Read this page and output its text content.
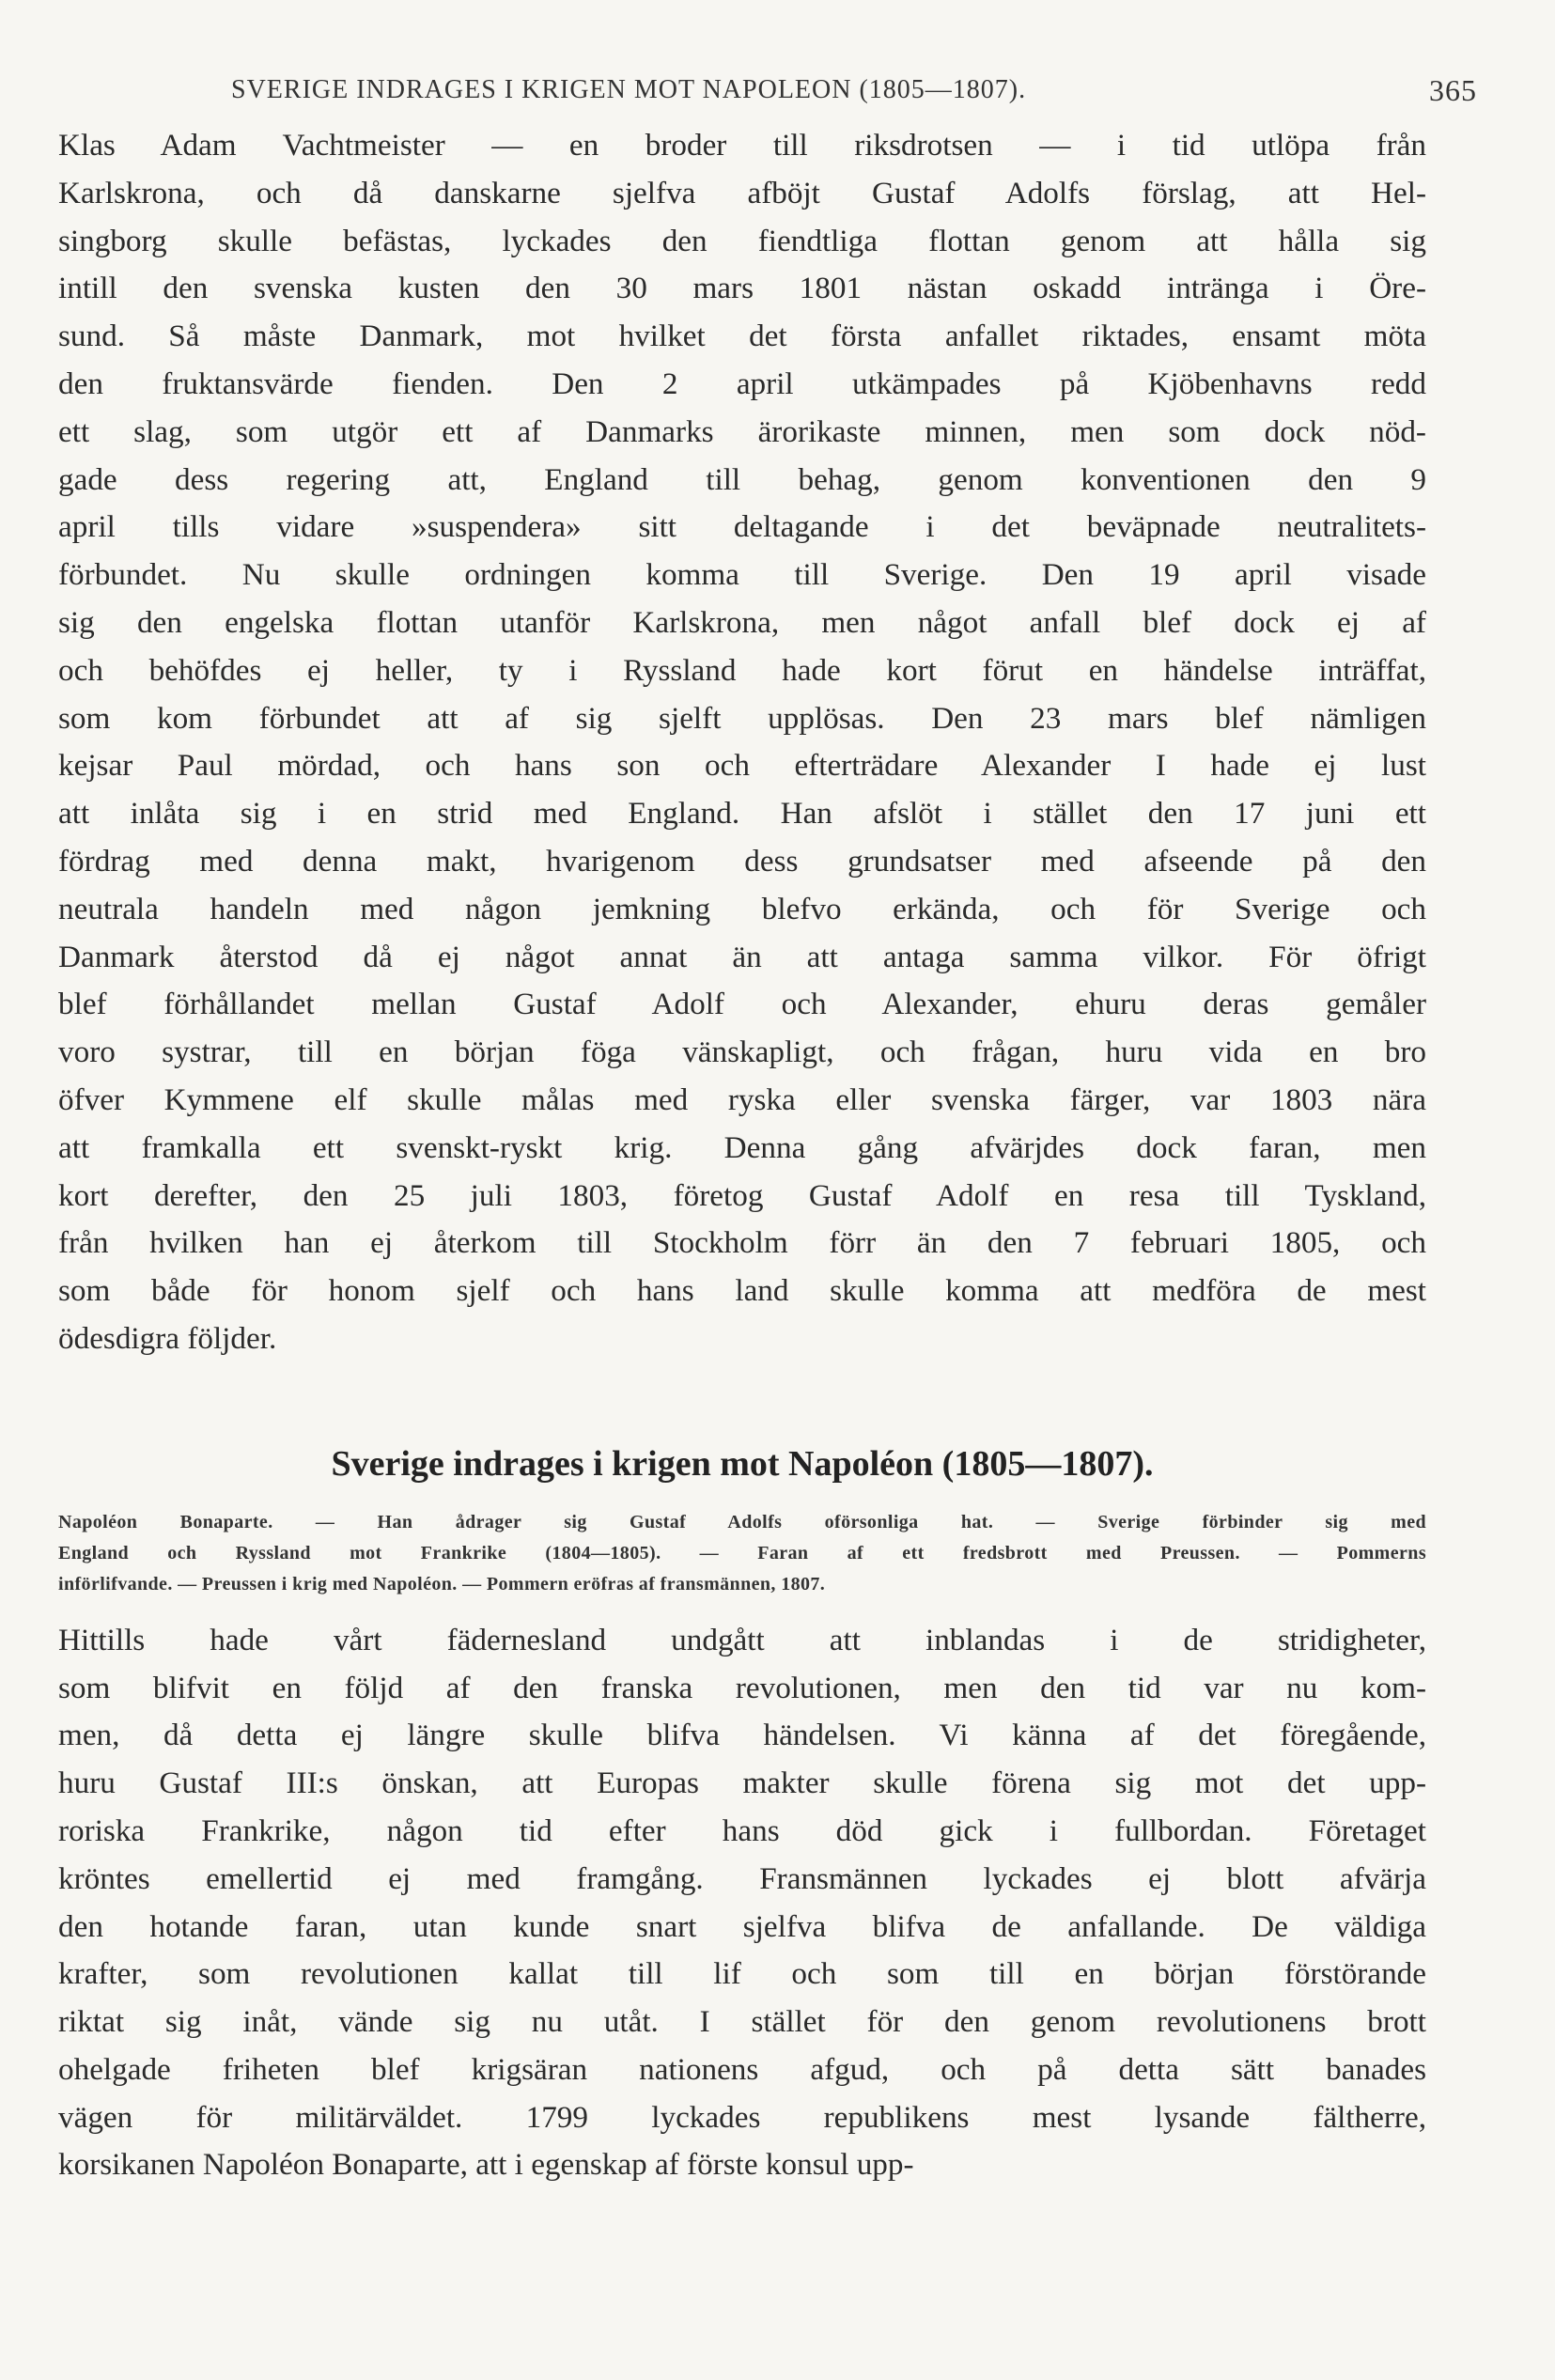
SVERIGE INDRAGES I KRIGEN MOT NAPOLEON (1805—1807).	365
Klas Adam Vachtmeister — en broder till riksdrotsen — i tid utlöpa från
Karlskrona, och då danskarne sjelfva afböjt Gustaf Adolfs förslag, att Hel-
singborg skulle befästas, lyckades den fiendtliga flottan genom att hålla sig
intill den svenska kusten den 30 mars 1801 nästan oskadd intränga i Öre-
sund. Så måste Danmark, mot hvilket det första anfallet riktades, ensamt möta
den fruktansvärde fienden. Den 2 april utkämpades på Kjöbenhavns redd
ett slag, som utgör ett af Danmarks ärorikaste minnen, men som dock nöd-
gade dess regering att, England till behag, genom konventionen den 9
april tills vidare »suspendera» sitt deltagande i det beväpnade neutralitets-
förbundet. Nu skulle ordningen komma till Sverige. Den 19 april visade
sig den engelska flottan utanför Karlskrona, men något anfall blef dock ej af
och behöfdes ej heller, ty i Ryssland hade kort förut en händelse inträffat,
som kom förbundet att af sig sjelft upplösas. Den 23 mars blef nämligen
kejsar Paul mördad, och hans son och efterträdare Alexander I hade ej lust
att inlåta sig i en strid med England. Han afslöt i stället den 17 juni ett
fördrag med denna makt, hvarigenom dess grundsatser med afseende på den
neutrala handeln med någon jemkning blefvo erkända, och för Sverige och
Danmark återstod då ej något annat än att antaga samma vilkor. För öfrigt
blef förhållandet mellan Gustaf Adolf och Alexander, ehuru deras gemåler
voro systrar, till en början föga vänskapligt, och frågan, huru vida en bro
öfver Kymmene elf skulle målas med ryska eller svenska färger, var 1803 nära
att framkalla ett svenskt-ryskt krig. Denna gång afvärjdes dock faran, men
kort derefter, den 25 juli 1803, företog Gustaf Adolf en resa till Tyskland,
från hvilken han ej återkom till Stockholm förr än den 7 februari 1805, och
som både för honom sjelf och hans land skulle komma att medföra de mest
ödesdigra följder.
Sverige indrages i krigen mot Napoléon (1805—1807).
Napoléon Bonaparte. — Han ådrager sig Gustaf Adolfs oförsonliga hat. — Sverige förbinder sig med
England och Ryssland mot Frankrike (1804—1805). — Faran af ett fredsbrott med Preussen. — Pommerns
införlifvande. — Preussen i krig med Napoléon. — Pommern eröfras af fransmännen, 1807.
Hittills hade vårt fädernesland undgått att inblandas i de stridigheter,
som blifvit en följd af den franska revolutionen, men den tid var nu kom-
men, då detta ej längre skulle blifva händelsen. Vi känna af det föregående,
huru Gustaf III:s önskan, att Europas makter skulle förena sig mot det upp-
roriska Frankrike, någon tid efter hans död gick i fullbordan. Företaget
kröntes emellertid ej med framgång. Fransmännen lyckades ej blott afvärja
den hotande faran, utan kunde snart sjelfva blifva de anfallande. De väldiga
krafter, som revolutionen kallat till lif och som till en början förstörande
riktat sig inåt, vände sig nu utåt. I stället för den genom revolutionens brott
ohelgade friheten blef krigsäran nationens afgud, och på detta sätt banades
vägen för militärväldet. 1799 lyckades republikens mest lysande fältherre,
korsikanen Napoléon Bonaparte, att i egenskap af förste konsul upp-
